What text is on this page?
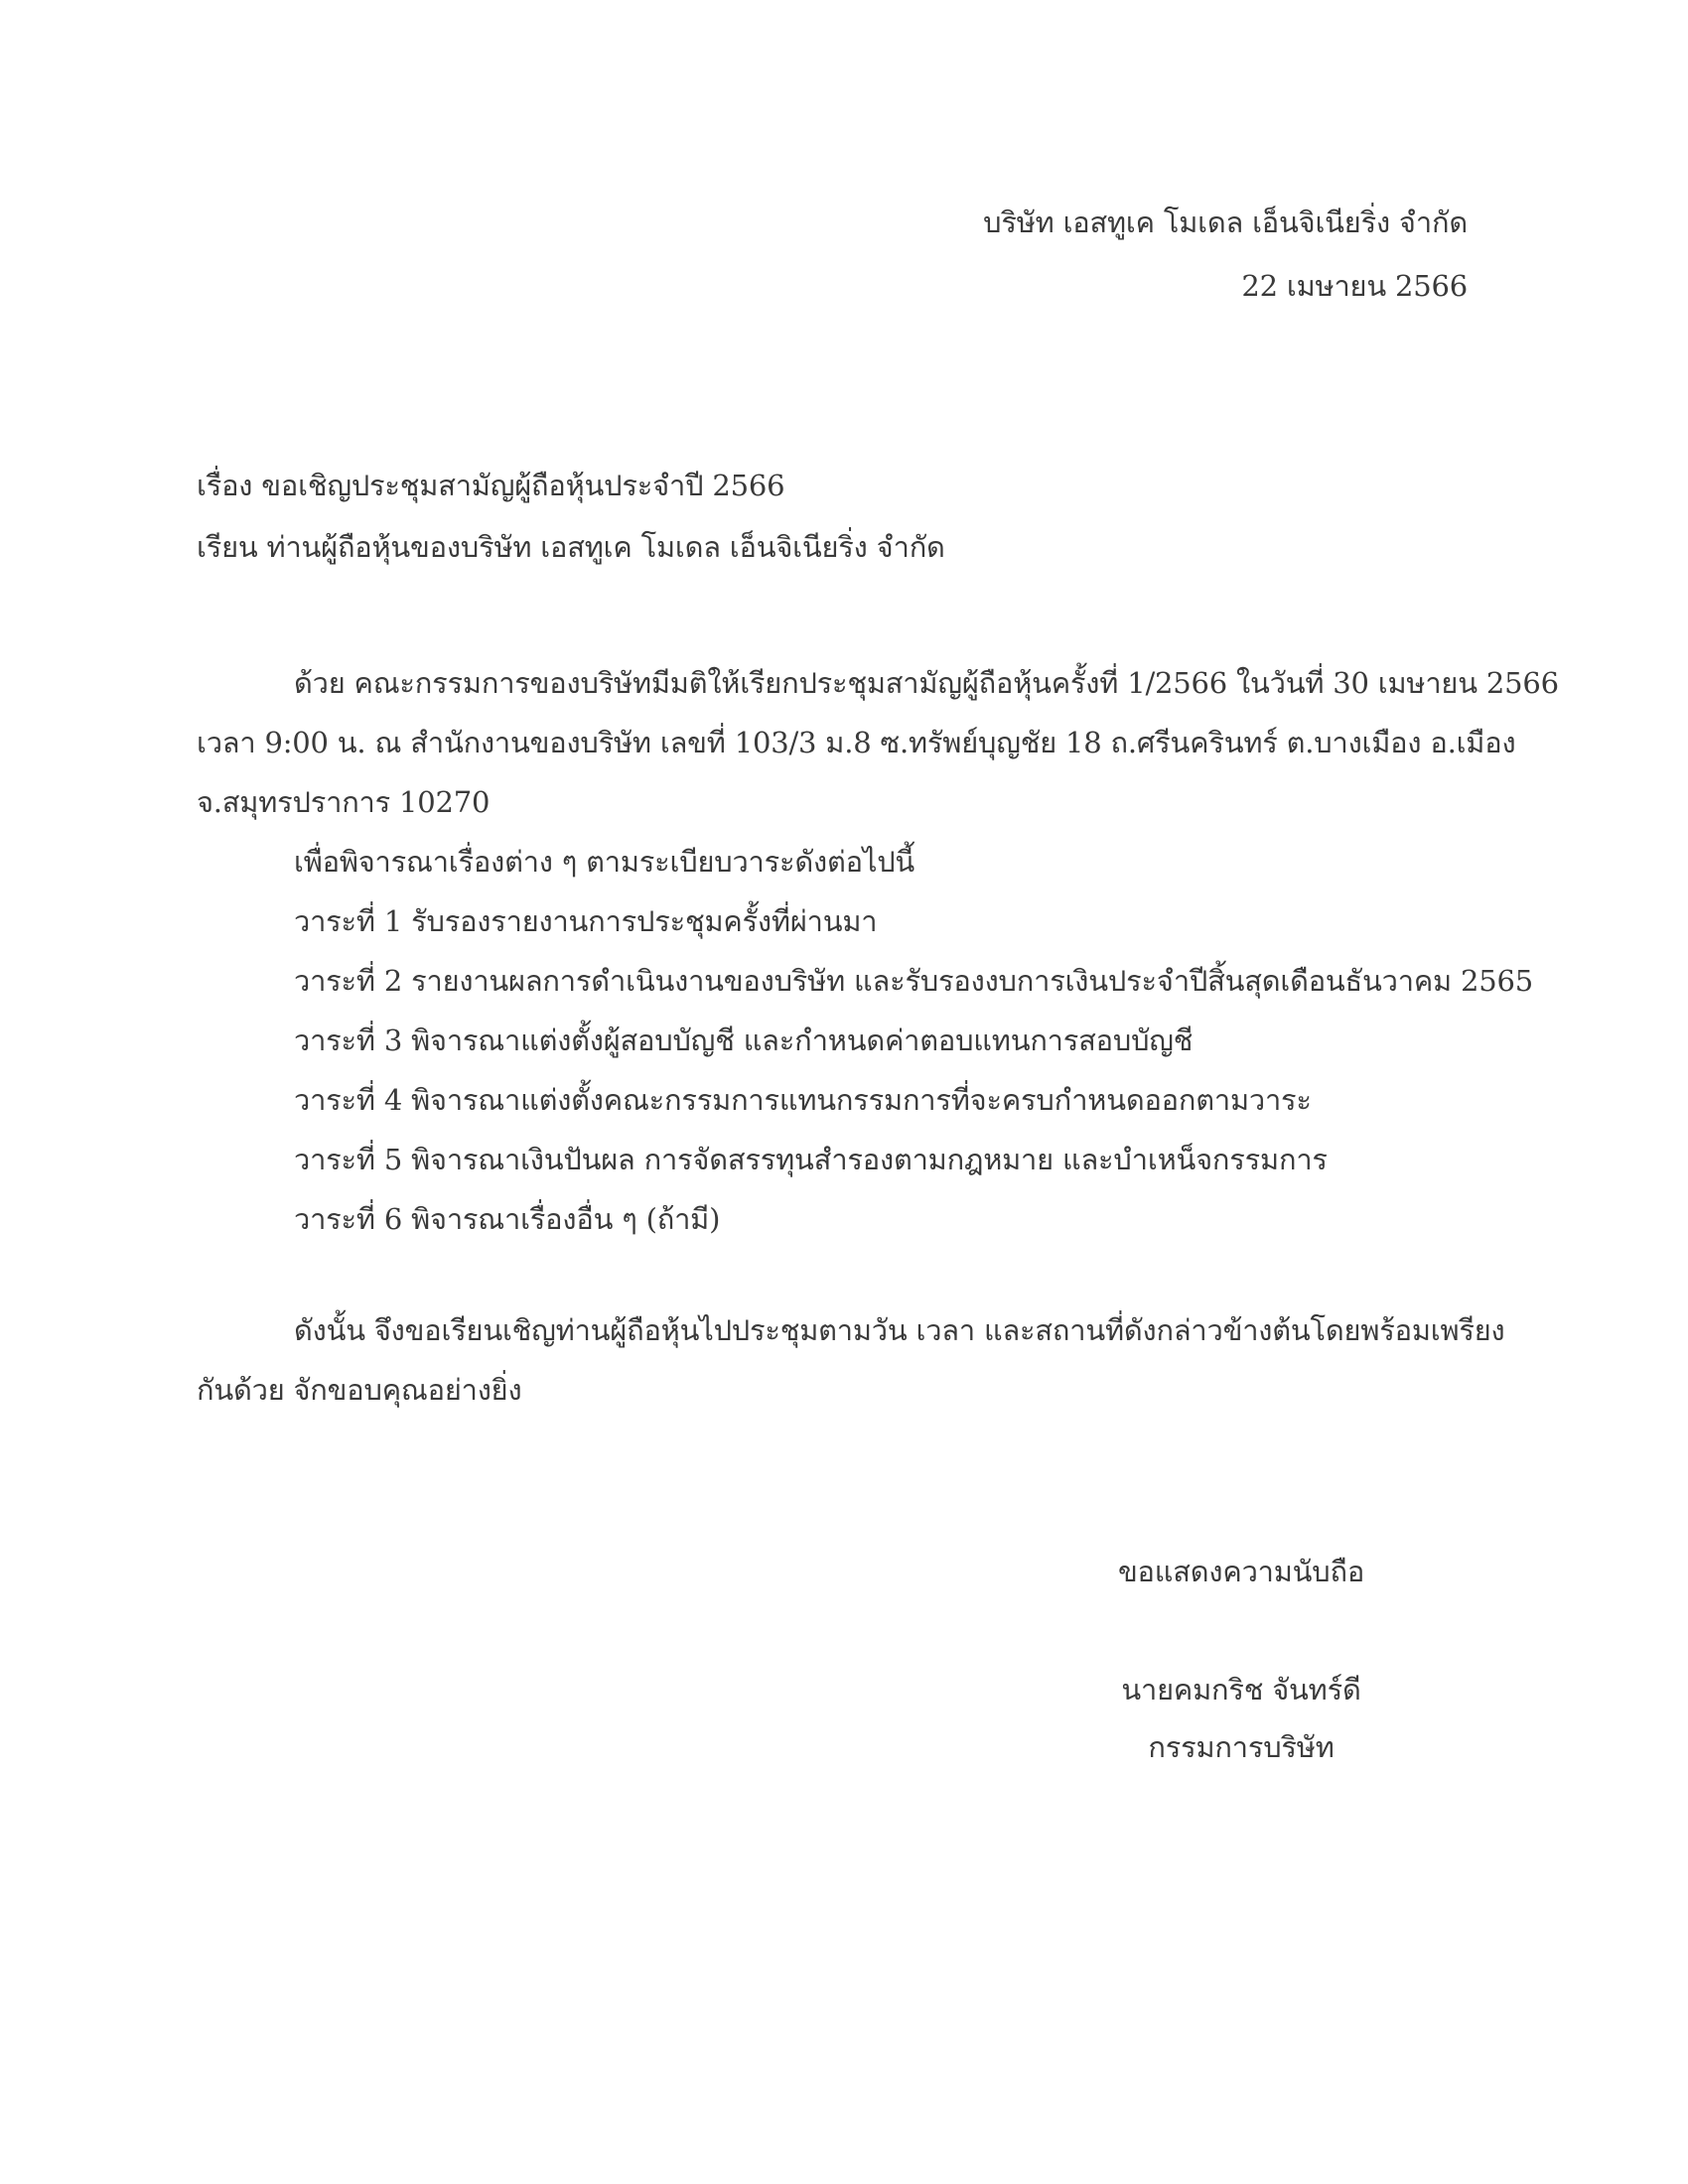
บริษัท เอสทูเค โมเดล เอ็นจิเนียริ่ง จำกัด
22 เมษายน 2566
เรื่อง ขอเชิญประชุมสามัญผู้ถือหุ้นประจำปี 2566
เรียน ท่านผู้ถือหุ้นของบริษัท เอสทูเค โมเดล เอ็นจิเนียริ่ง จำกัด
ด้วย คณะกรรมการของบริษัทมีมติให้เรียกประชุมสามัญผู้ถือหุ้นครั้งที่ 1/2566 ในวันที่ 30 เมษายน 2566
เวลา 9:00 น. ณ สำนักงานของบริษัท เลขที่ 103/3 ม.8 ซ.ทรัพย์บุญชัย 18 ถ.ศรีนครินทร์ ต.บางเมือง อ.เมือง
จ.สมุทรปราการ 10270
เพื่อพิจารณาเรื่องต่าง ๆ ตามระเบียบวาระดังต่อไปนี้
วาระที่ 1 รับรองรายงานการประชุมครั้งที่ผ่านมา
วาระที่ 2 รายงานผลการดำเนินงานของบริษัท และรับรองงบการเงินประจำปีสิ้นสุดเดือนธันวาคม 2565
วาระที่ 3 พิจารณาแต่งตั้งผู้สอบบัญชี และกำหนดค่าตอบแทนการสอบบัญชี
วาระที่ 4 พิจารณาแต่งตั้งคณะกรรมการแทนกรรมการที่จะครบกำหนดออกตามวาระ
วาระที่ 5 พิจารณาเงินปันผล การจัดสรรทุนสำรองตามกฎหมาย และบำเหน็จกรรมการ
วาระที่ 6 พิจารณาเรื่องอื่น ๆ (ถ้ามี)
ดังนั้น จึงขอเรียนเชิญท่านผู้ถือหุ้นไปประชุมตามวัน เวลา และสถานที่ดังกล่าวข้างต้นโดยพร้อมเพรียง
กันด้วย จักขอบคุณอย่างยิ่ง
ขอแสดงความนับถือ
นายคมกริช จันทร์ดี
กรรมการบริษัท
